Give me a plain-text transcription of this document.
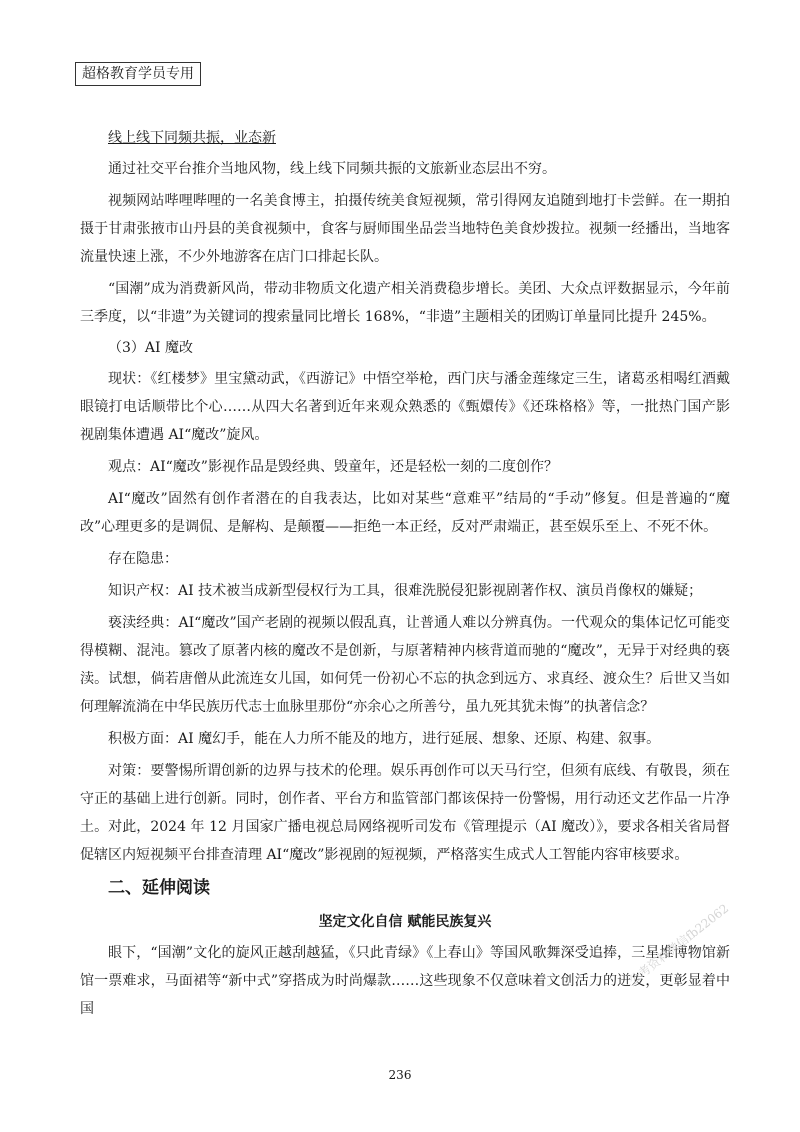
超格教育学员专用
线上线下同频共振，业态新

通过社交平台推介当地风物，线上线下同频共振的文旅新业态层出不穷。

视频网站哔哩哔哩的一名美食博主，拍摄传统美食短视频，常引得网友追随到地打卡尝鲜。在一期拍摄于甘肃张掖市山丹县的美食视频中，食客与厨师围坐品尝当地特色美食炒拨拉。视频一经播出，当地客流量快速上涨，不少外地游客在店门口排起长队。

“国潮”成为消费新风尚，带动非物质文化遗产相关消费稳步增长。美团、大众点评数据显示，今年前三季度，以“非遗”为关键词的搜索量同比增长 168%，“非遗”主题相关的团购订单量同比提升 245%。

（3）AI 魔改

现状：《红楼梦》里宝黛动武，《西游记》中悟空举枪，西门庆与潘金莲缘定三生，诸葛丞相喝红酒戴眼镜打电话顺带比个心……从四大名著到近年来观众熟悉的《甄嬛传》《还珠格格》等，一批热门国产影视剧集体遭遇 AI“魔改”旋风。

观点：AI“魔改”影视作品是毁经典、毁童年，还是轻松一刻的二度创作？

AI“魔改”固然有创作者潜在的自我表达，比如对某些“意难平”结局的“手动”修复。但是普遍的“魔改”心理更多的是调侃、是解构、是颠覆——拒绝一本正经，反对严肃端正，甚至娱乐至上、不死不休。

存在隐患：

知识产权：AI 技术被当成新型侵权行为工具，很难洗脱侵犯影视剧著作权、演员肖像权的嫌疑；

亵渎经典：AI“魔改”国产老剧的视频以假乱真，让普通人难以分辨真伪。一代观众的集体记忆可能变得模糊、混沌。篡改了原著内核的魔改不是创新，与原著精神内核背道而驰的“魔改”，无异于对经典的亵渎。试想，倘若唐僧从此流连女儿国，如何凭一份初心不忘的执念到远方、求真经、渡众生？后世又当如何理解流淌在中华民族历代志士血脉里那份“亦余心之所善兮，虽九死其犹未悔”的执著信念？

积极方面：AI 魔幻手，能在人力所不能及的地方，进行延展、想象、还原、构建、叙事。

对策：要警惕所谓创新的边界与技术的伦理。娱乐再创作可以天马行空，但须有底线、有敬畏，须在守正的基础上进行创新。同时，创作者、平台方和监管部门都该保持一份警惕，用行动还文艺作品一片净土。对此，2024 年 12 月国家广播电视总局网络视听司发布《管理提示（AI 魔改）》，要求各相关省局督促辖区内短视频平台排查清理 AI“魔改”影视剧的短视频，严格落实生成式人工智能内容审核要求。

二、延伸阅读
坚定文化自信 赋能民族复兴

眼下，“国潮”文化的旋风正越刮越猛，《只此青绿》《上春山》等国风歌舞深受追捧，三星堆博物馆新馆一票难求，马面裙等“新中式”穿搭成为时尚爆款……这些现象不仅意味着文创活力的迸发，更彰显着中国

公考资料微信fb22062
236
